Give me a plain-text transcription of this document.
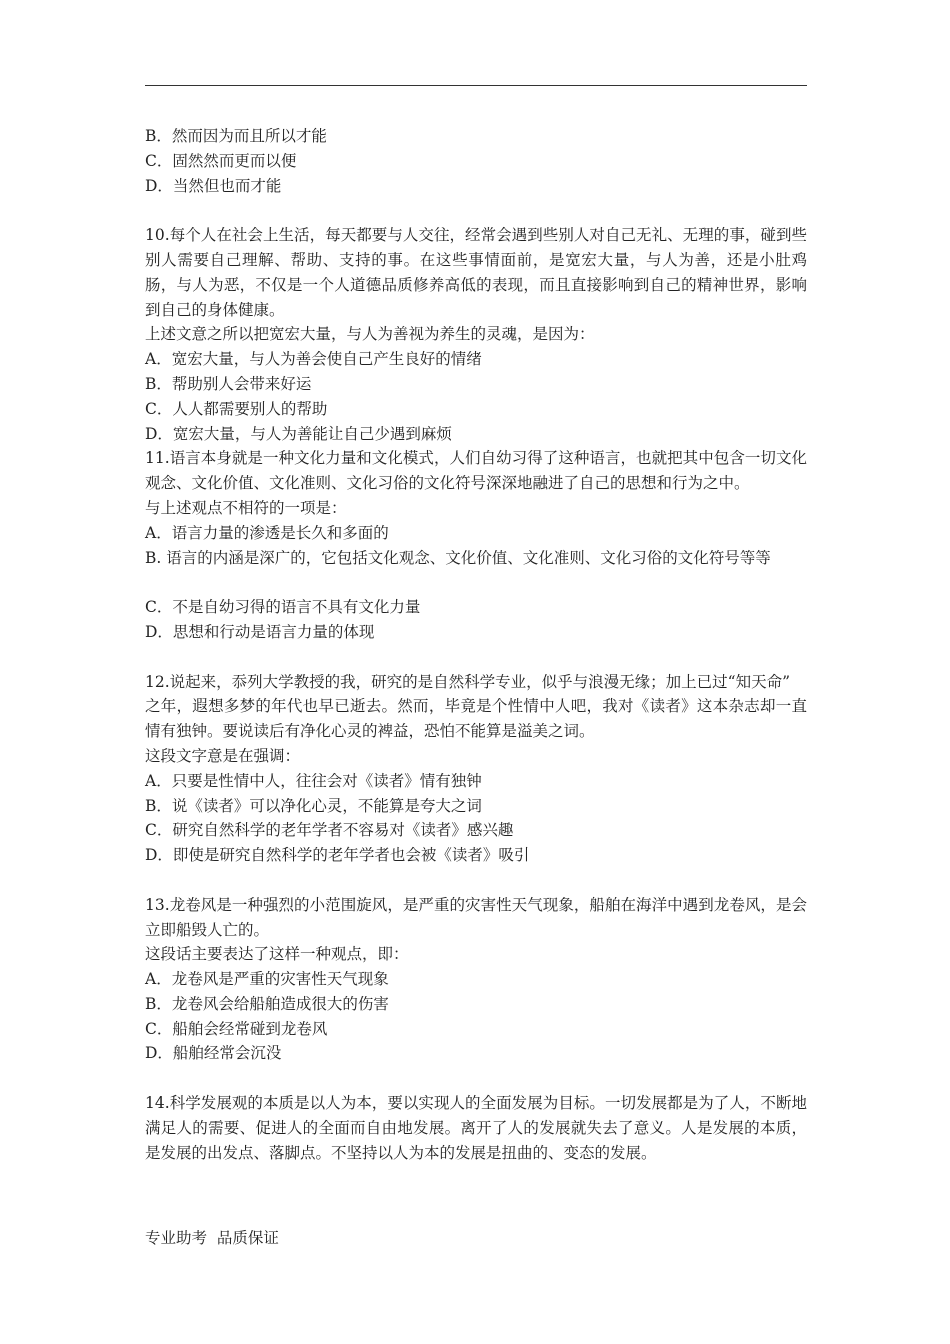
B．然而因为而且所以才能
C．固然然而更而以便
D．当然但也而才能
10.每个人在社会上生活，每天都要与人交往，经常会遇到些别人对自己无礼、无理的事，碰到些别人需要自己理解、帮助、支持的事。在这些事情面前，是宽宏大量，与人为善，还是小肚鸡肠，与人为恶，不仅是一个人道德品质修养高低的表现，而且直接影响到自己的精神世界，影响到自己的身体健康。
上述文意之所以把宽宏大量，与人为善视为养生的灵魂，是因为：
A．宽宏大量，与人为善会使自己产生良好的情绪
B．帮助别人会带来好运
C．人人都需要别人的帮助
D．宽宏大量，与人为善能让自己少遇到麻烦
11.语言本身就是一种文化力量和文化模式，人们自幼习得了这种语言，也就把其中包含一切文化观念、文化价值、文化准则、文化习俗的文化符号深深地融进了自己的思想和行为之中。
与上述观点不相符的一项是：
A．语言力量的渗透是长久和多面的
B. 语言的内涵是深广的，它包括文化观念、文化价值、文化准则、文化习俗的文化符号等等
C．不是自幼习得的语言不具有文化力量
D．思想和行动是语言力量的体现
12.说起来，忝列大学教授的我，研究的是自然科学专业，似乎与浪漫无缘；加上已过“知天命”
之年，遐想多梦的年代也早已逝去。然而，毕竟是个性情中人吧，我对《读者》这本杂志却一直情有独钟。要说读后有净化心灵的裨益，恐怕不能算是溢美之词。
这段文字意是在强调：
A．只要是性情中人，往往会对《读者》情有独钟
B．说《读者》可以净化心灵，不能算是夸大之词
C．研究自然科学的老年学者不容易对《读者》感兴趣
D．即使是研究自然科学的老年学者也会被《读者》吸引
13.龙卷风是一种强烈的小范围旋风，是严重的灾害性天气现象，船舶在海洋中遇到龙卷风，是会立即船毁人亡的。
这段话主要表达了这样一种观点，即：
A．龙卷风是严重的灾害性天气现象
B．龙卷风会给船舶造成很大的伤害
C．船舶会经常碰到龙卷风
D．船舶经常会沉没
14.科学发展观的本质是以人为本，要以实现人的全面发展为目标。一切发展都是为了人，不断地满足人的需要、促进人的全面而自由地发展。离开了人的发展就失去了意义。人是发展的本质，是发展的出发点、落脚点。不坚持以人为本的发展是扭曲的、变态的发展。
专业助考  品质保证
